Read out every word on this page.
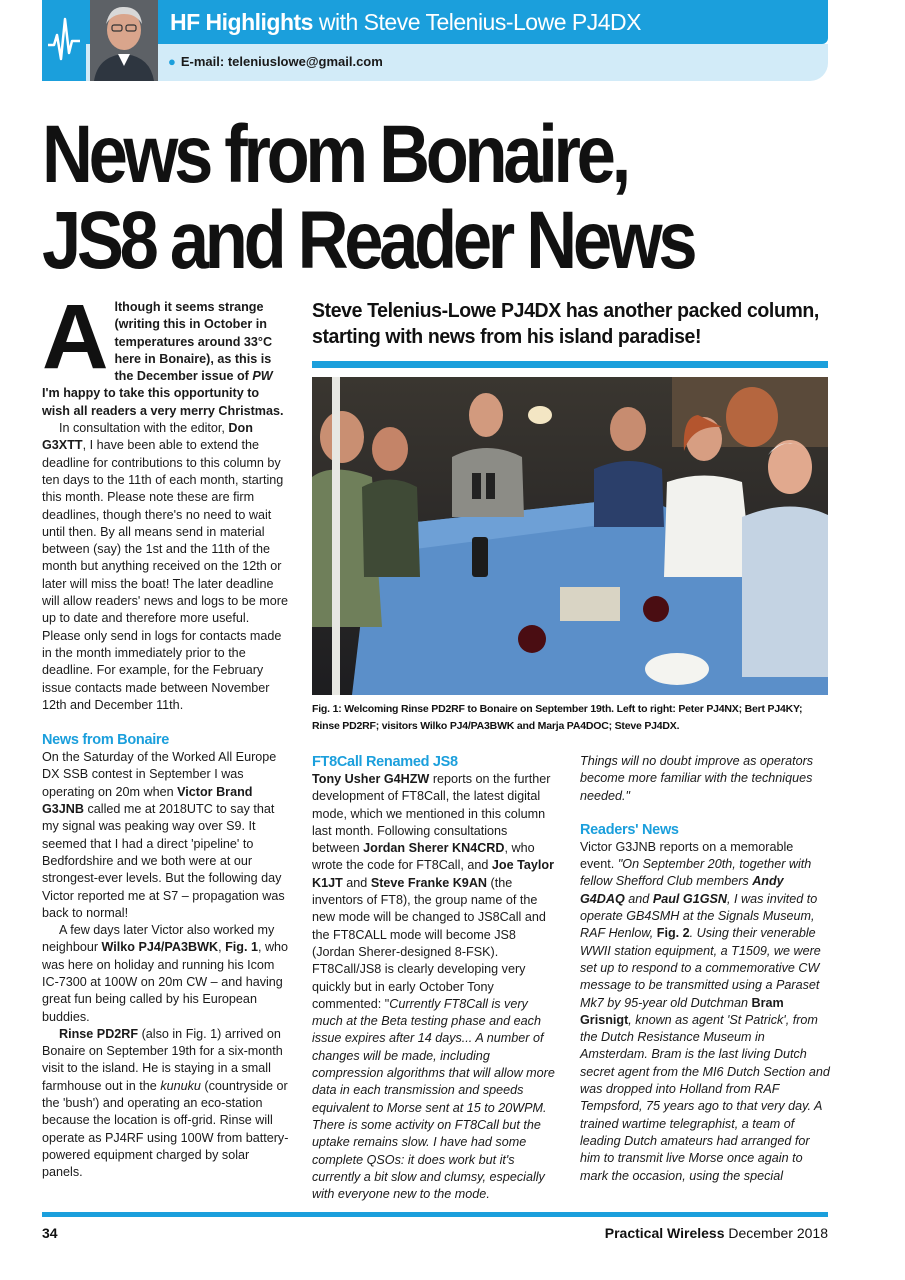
HF Highlights with Steve Telenius-Lowe PJ4DX
● E-mail: teleniuslowe@gmail.com
News from Bonaire,
JS8 and Reader News

Steve Telenius-Lowe PJ4DX has another packed column, starting with news from his island paradise!

Fig. 1: Welcoming Rinse PD2RF to Bonaire on September 19th. Left to right: Peter PJ4NX; Bert PJ4KY; Rinse PD2RF; visitors Wilko PJ4/PA3BWK and Marja PA4DOC; Steve PJ4DX.

Although it seems strange (writing this in October in temperatures around 33°C here in Bonaire), as this is the December issue of PW I'm happy to take this opportunity to wish all readers a very merry Christmas.

In consultation with the editor, Don G3XTT, I have been able to extend the deadline for contributions to this column by ten days to the 11th of each month, starting this month. Please note these are firm deadlines, though there's no need to wait until then. By all means send in material between (say) the 1st and the 11th of the month but anything received on the 12th or later will miss the boat! The later deadline will allow readers' news and logs to be more up to date and therefore more useful. Please only send in logs for contacts made in the month immediately prior to the deadline. For example, for the February issue contacts made between November 12th and December 11th.

News from Bonaire

On the Saturday of the Worked All Europe DX SSB contest in September I was operating on 20m when Victor Brand G3JNB called me at 2018UTC to say that my signal was peaking way over S9. It seemed that I had a direct 'pipeline' to Bedfordshire and we both were at our strongest-ever levels. But the following day Victor reported me at S7 – propagation was back to normal!

A few days later Victor also worked my neighbour Wilko PJ4/PA3BWK, Fig. 1, who was here on holiday and running his Icom IC-7300 at 100W on 20m CW – and having great fun being called by his European buddies.

Rinse PD2RF (also in Fig. 1) arrived on Bonaire on September 19th for a six-month visit to the island. He is staying in a small farmhouse out in the kunuku (countryside or the 'bush') and operating an eco-station because the location is off-grid. Rinse will operate as PJ4RF using 100W from battery-powered equipment charged by solar panels.

FT8Call Renamed JS8

Tony Usher G4HZW reports on the further development of FT8Call, the latest digital mode, which we mentioned in this column last month. Following consultations between Jordan Sherer KN4CRD, who wrote the code for FT8Call, and Joe Taylor K1JT and Steve Franke K9AN (the inventors of FT8), the group name of the new mode will be changed to JS8Call and the FT8CALL mode will become JS8 (Jordan Sherer-designed 8-FSK). FT8Call/JS8 is clearly developing very quickly but in early October Tony commented: "Currently FT8Call is very much at the Beta testing phase and each issue expires after 14 days... A number of changes will be made, including compression algorithms that will allow more data in each transmission and speeds equivalent to Morse sent at 15 to 20WPM. There is some activity on FT8Call but the uptake remains slow. I have had some complete QSOs: it does work but it's currently a bit slow and clumsy, especially with everyone new to the mode.

Things will no doubt improve as operators become more familiar with the techniques needed."

Readers' News

Victor G3JNB reports on a memorable event. "On September 20th, together with fellow Shefford Club members Andy G4DAQ and Paul G1GSN, I was invited to operate GB4SMH at the Signals Museum, RAF Henlow, Fig. 2. Using their venerable WWII station equipment, a T1509, we were set up to respond to a commemorative CW message to be transmitted using a Paraset Mk7 by 95-year old Dutchman Bram Grisnigt, known as agent 'St Patrick', from the Dutch Resistance Museum in Amsterdam. Bram is the last living Dutch secret agent from the MI6 Dutch Section and was dropped into Holland from RAF Tempsford, 75 years ago to that very day. A trained wartime telegraphist, a team of leading Dutch amateurs had arranged for him to transmit live Morse once again to mark the occasion, using the special

34	Practical Wireless December 2018
